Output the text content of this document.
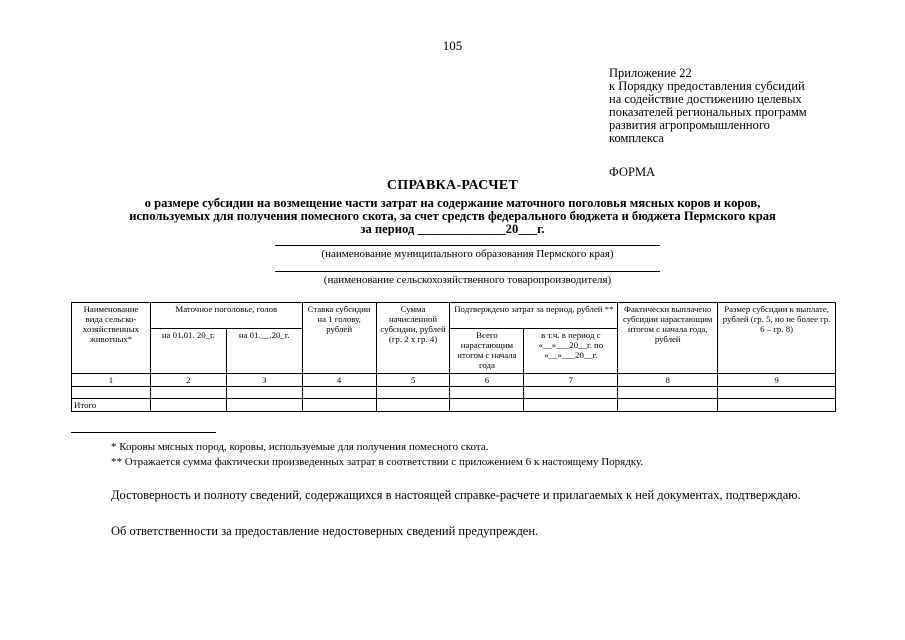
105
Приложение 22
к Порядку предоставления субсидий
на содействие достижению целевых
показателей региональных программ
развития агропромышленного
комплекса
ФОРМА
СПРАВКА-РАСЧЕТ
о размере субсидии на возмещение части затрат на содержание маточного поголовья мясных коров и коров,
используемых для получения помесного скота, за счет средств федерального бюджета и бюджета Пермского края
за период ______________20___г.
(наименование муниципального образования Пермского края)
(наименование сельскохозяйственного товаропроизводителя)
Наименование вида сельско-хозяйственных животных*	Маточное поголовье, голов		Ставка субсидии на 1 голову, рублей	Сумма начисленной субсидии, рублей (гр. 2 х гр. 4)	Подтверждено затрат за период, рублей **		Фактически выплачено субсидии нарастающим итогом с начала года, рублей	Размер субсидии к выплате, рублей (гр. 5, но не более гр. 6 – гр. 8)
	на 01.01. 20_г.	на 01.__.20_г.			Всего нарастающим итогом с начала года	в т.ч. в период с «__»___20__г. по «__»___20__г.		
1	2	3	4	5	6	7	8	9

Итого								
* Коровы мясных пород, коровы, используемые для получения помесного скота.
** Отражается сумма фактически произведенных затрат в соответствии с приложением 6 к настоящему Порядку.
Достоверность и полноту сведений, содержащихся в настоящей справке-расчете и прилагаемых к ней документах, подтверждаю.
Об ответственности за предоставление недостоверных сведений предупрежден.
